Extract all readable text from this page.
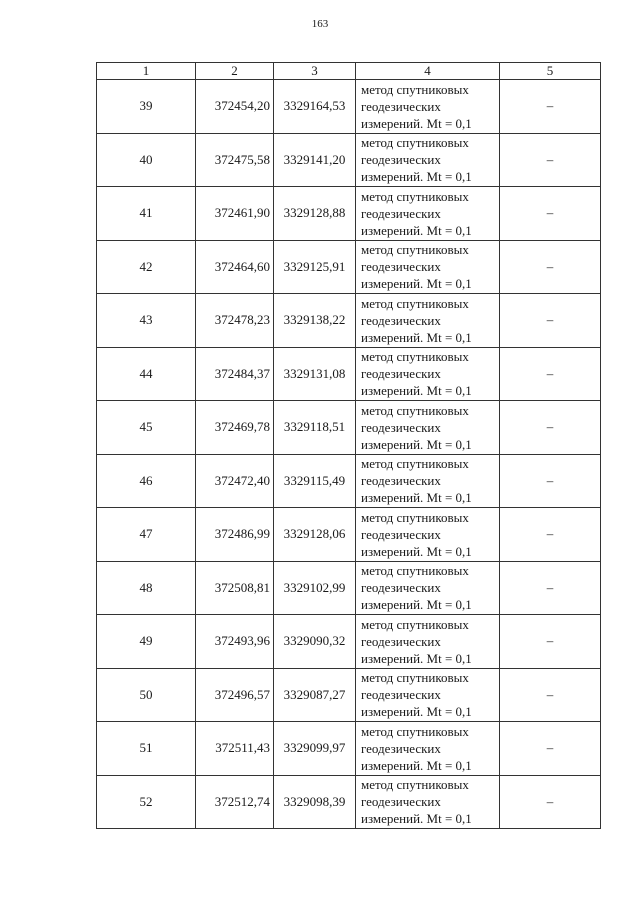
163
1	2	3	4	5
39	372454,20	3329164,53	метод спутниковых геодезических измерений. Mt = 0,1	–
40	372475,58	3329141,20	метод спутниковых геодезических измерений. Mt = 0,1	–
41	372461,90	3329128,88	метод спутниковых геодезических измерений. Mt = 0,1	–
42	372464,60	3329125,91	метод спутниковых геодезических измерений. Mt = 0,1	–
43	372478,23	3329138,22	метод спутниковых геодезических измерений. Mt = 0,1	–
44	372484,37	3329131,08	метод спутниковых геодезических измерений. Mt = 0,1	–
45	372469,78	3329118,51	метод спутниковых геодезических измерений. Mt = 0,1	–
46	372472,40	3329115,49	метод спутниковых геодезических измерений. Mt = 0,1	–
47	372486,99	3329128,06	метод спутниковых геодезических измерений. Mt = 0,1	–
48	372508,81	3329102,99	метод спутниковых геодезических измерений. Mt = 0,1	–
49	372493,96	3329090,32	метод спутниковых геодезических измерений. Mt = 0,1	–
50	372496,57	3329087,27	метод спутниковых геодезических измерений. Mt = 0,1	–
51	372511,43	3329099,97	метод спутниковых геодезических измерений. Mt = 0,1	–
52	372512,74	3329098,39	метод спутниковых геодезических измерений. Mt = 0,1	–
